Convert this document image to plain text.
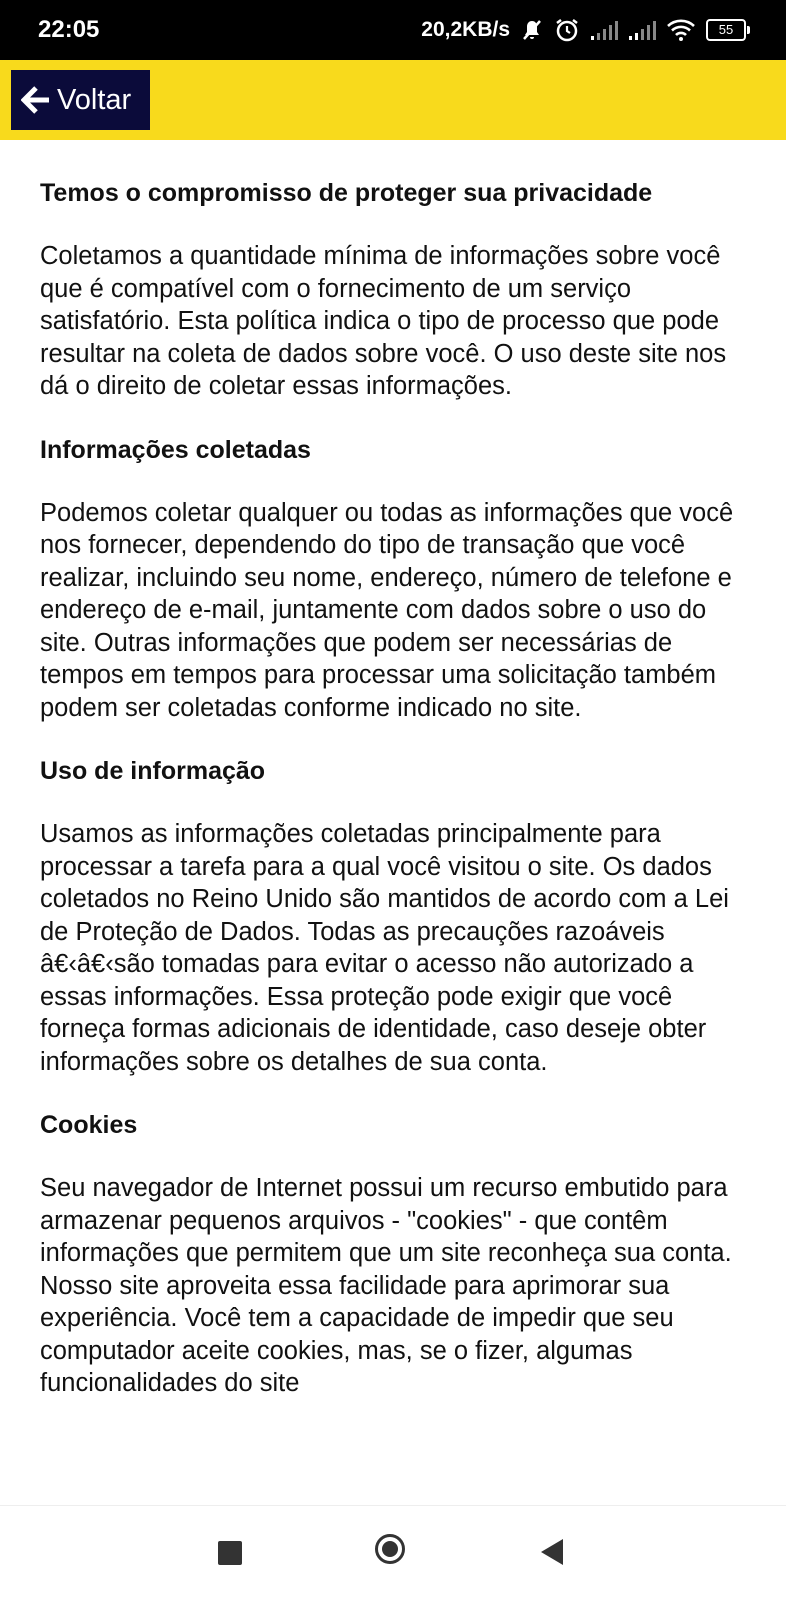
22:05	20,2KB/s	55
Voltar
Temos o compromisso de proteger sua privacidade

Coletamos a quantidade mínima de informações sobre você que é compatível com o fornecimento de um serviço satisfatório. Esta política indica o tipo de processo que pode resultar na coleta de dados sobre você. O uso deste site nos dá o direito de coletar essas informações.

Informações coletadas

Podemos coletar qualquer ou todas as informações que você nos fornecer, dependendo do tipo de transação que você realizar, incluindo seu nome, endereço, número de telefone e endereço de e-mail, juntamente com dados sobre o uso do site. Outras informações que podem ser necessárias de tempos em tempos para processar uma solicitação também podem ser coletadas conforme indicado no site.

Uso de informação

Usamos as informações coletadas principalmente para processar a tarefa para a qual você visitou o site. Os dados coletados no Reino Unido são mantidos de acordo com a Lei de Proteção de Dados. Todas as precauções razoáveis â€‹â€‹são tomadas para evitar o acesso não autorizado a essas informações. Essa proteção pode exigir que você forneça formas adicionais de identidade, caso deseje obter informações sobre os detalhes de sua conta.

Cookies

Seu navegador de Internet possui um recurso embutido para armazenar pequenos arquivos - "cookies" - que contêm informações que permitem que um site reconheça sua conta. Nosso site aproveita essa facilidade para aprimorar sua experiência. Você tem a capacidade de impedir que seu computador aceite cookies, mas, se o fizer, algumas funcionalidades do site
